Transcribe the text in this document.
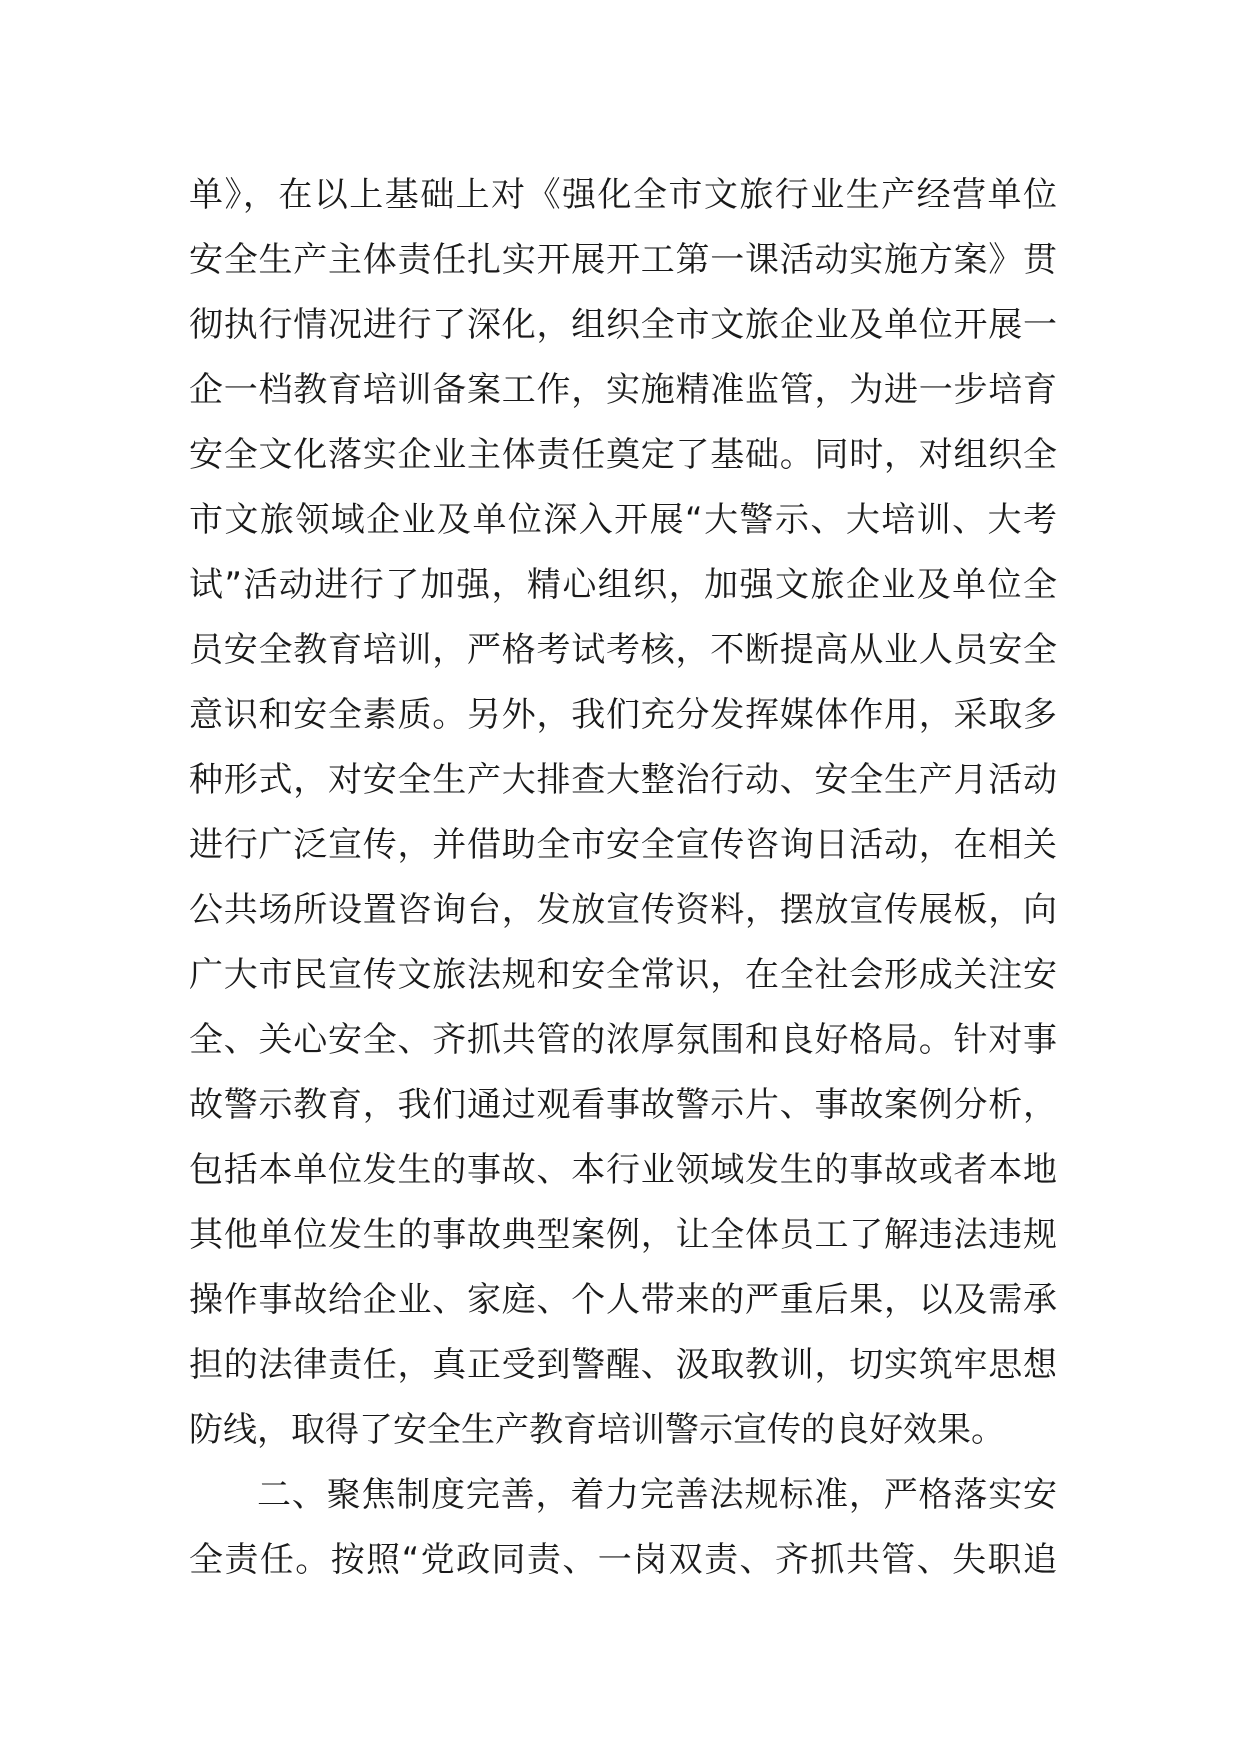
单》，在以上基础上对《强化全市文旅行业生产经营单位
安全生产主体责任扎实开展开工第一课活动实施方案》贯
彻执行情况进行了深化，组织全市文旅企业及单位开展一
企一档教育培训备案工作，实施精准监管，为进一步培育
安全文化落实企业主体责任奠定了基础。同时，对组织全
市文旅领域企业及单位深入开展“大警示、大培训、大考
试”活动进行了加强，精心组织，加强文旅企业及单位全
员安全教育培训，严格考试考核，不断提高从业人员安全
意识和安全素质。另外，我们充分发挥媒体作用，采取多
种形式，对安全生产大排查大整治行动、安全生产月活动
进行广泛宣传，并借助全市安全宣传咨询日活动，在相关
公共场所设置咨询台，发放宣传资料，摆放宣传展板，向
广大市民宣传文旅法规和安全常识，在全社会形成关注安
全、关心安全、齐抓共管的浓厚氛围和良好格局。针对事
故警示教育，我们通过观看事故警示片、事故案例分析，
包括本单位发生的事故、本行业领域发生的事故或者本地
其他单位发生的事故典型案例，让全体员工了解违法违规
操作事故给企业、家庭、个人带来的严重后果，以及需承
担的法律责任，真正受到警醒、汲取教训，切实筑牢思想
防线，取得了安全生产教育培训警示宣传的良好效果。
二、聚焦制度完善，着力完善法规标准，严格落实安
全责任。按照“党政同责、一岗双责、齐抓共管、失职追
